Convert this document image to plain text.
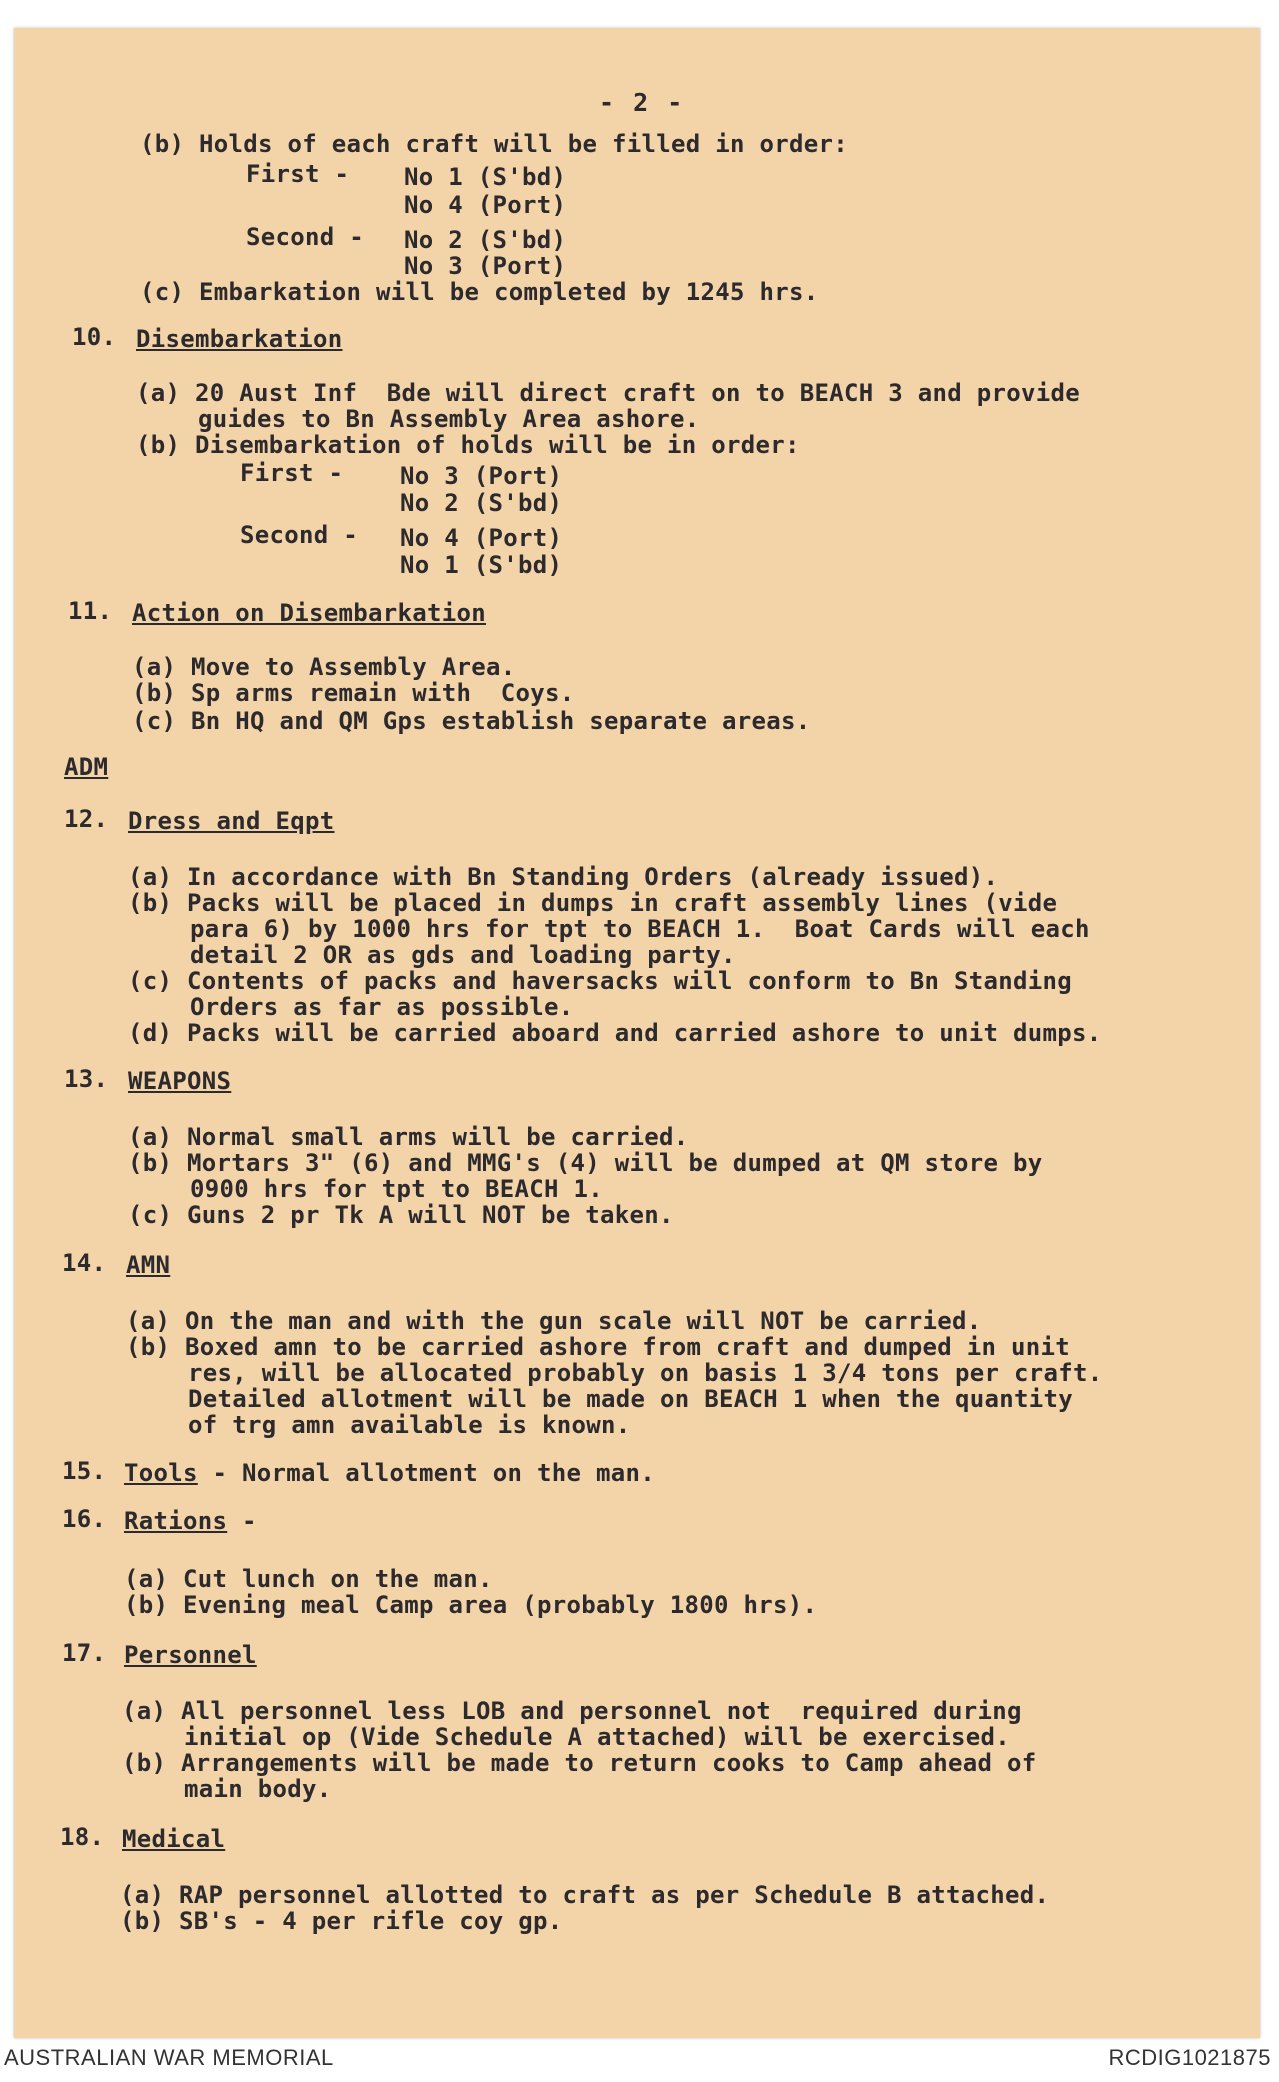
- 2 -
(b) Holds of each craft will be filled in order:
First - No 1 (S'bd)
No 4 (Port)
Second - No 2 (S'bd)
No 3 (Port)
(c) Embarkation will be completed by 1245 hrs.
10. Disembarkation
(a) 20 Aust Inf  Bde will direct craft on to BEACH 3 and provide
guides to Bn Assembly Area ashore.
(b) Disembarkation of holds will be in order:
First - No 3 (Port)
No 2 (S'bd)
Second - No 4 (Port)
No 1 (S'bd)
11. Action on Disembarkation
(a) Move to Assembly Area.
(b) Sp arms remain with  Coys.
(c) Bn HQ and QM Gps establish separate areas.
ADM
12. Dress and Eqpt
(a) In accordance with Bn Standing Orders (already issued).
(b) Packs will be placed in dumps in craft assembly lines (vide
para 6) by 1000 hrs for tpt to BEACH 1.  Boat Cards will each
detail 2 OR as gds and loading party.
(c) Contents of packs and haversacks will conform to Bn Standing
Orders as far as possible.
(d) Packs will be carried aboard and carried ashore to unit dumps.
13. WEAPONS
(a) Normal small arms will be carried.
(b) Mortars 3" (6) and MMG's (4) will be dumped at QM store by
0900 hrs for tpt to BEACH 1.
(c) Guns 2 pr Tk A will NOT be taken.
14. AMN
(a) On the man and with the gun scale will NOT be carried.
(b) Boxed amn to be carried ashore from craft and dumped in unit
res, will be allocated probably on basis 1 3/4 tons per craft.
Detailed allotment will be made on BEACH 1 when the quantity
of trg amn available is known.
15. Tools - Normal allotment on the man.
16. Rations -
(a) Cut lunch on the man.
(b) Evening meal Camp area (probably 1800 hrs).
17. Personnel
(a) All personnel less LOB and personnel not  required during
initial op (Vide Schedule A attached) will be exercised.
(b) Arrangements will be made to return cooks to Camp ahead of
main body.
18. Medical
(a) RAP personnel allotted to craft as per Schedule B attached.
(b) SB's - 4 per rifle coy gp.
AUSTRALIAN WAR MEMORIAL	RCDIG1021875
